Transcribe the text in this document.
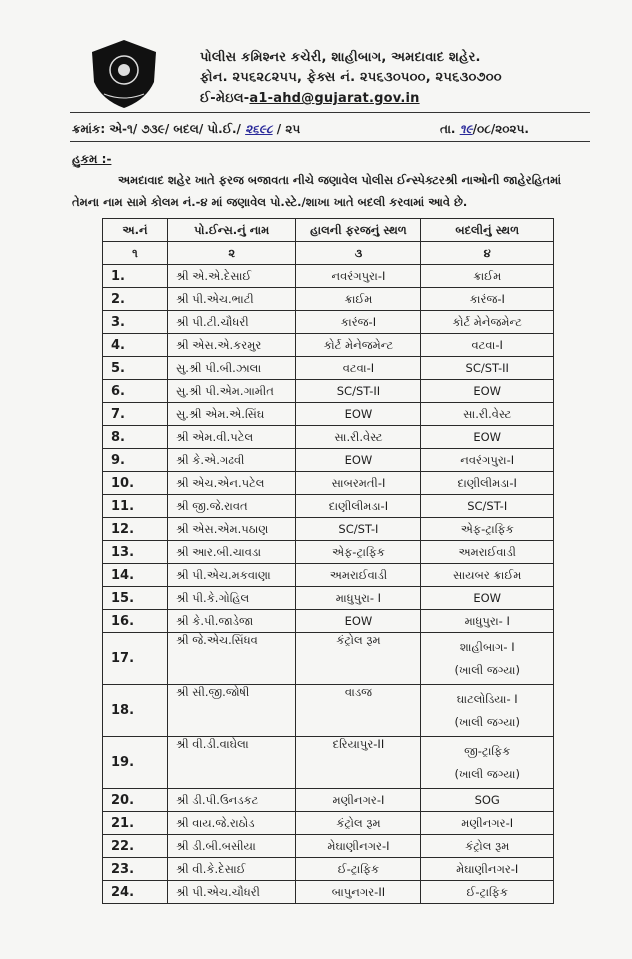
પોલીસ કમિશ્નર કચેરી, શાહીબાગ, અમદાવાદ શહેર.
ફોન. ૨૫૬૨૮૨૫૫, ફેક્સ નં. ૨૫૬૩૦૫૦૦, ૨૫૬૩૦૭૦૦
ઈ-મેઇલ-a1-ahd@gujarat.gov.in
ક્રમાંક: એ-૧/ ૭૩૯/ બદલ/ પો.ઈ./ ૨૬૯૮ / ૨૫	તા. ૧૯/૦૮/૨૦૨૫.
હુકમ :-
અમદાવાદ શહેર ખાતે ફરજ બજાવતા નીચે જણાવેલ પોલીસ ઈન્સ્પેક્ટરશ્રી નાઓની જાહેરહિતમાં
તેમના નામ સામે કોલમ નં.-૪ માં જણાવેલ પો.સ્ટે./શાખા ખાતે બદલી કરવામાં આવે છે.
અ.નં	પો.ઈન્સ.નું નામ	હાલની ફરજનું સ્થળ	બદલીનું સ્થળ
૧	૨	૩	૪
1.	શ્રી એ.એ.દેસાઈ	નવરંગપુરા-I	ક્રાઈમ

2.	શ્રી પી.એચ.ભાટી	ક્રાઈમ	કારંજ-I

3.	શ્રી પી.ટી.ચૌધરી	કારંજ-I	કોર્ટ મેનેજમેન્ટ

4.	શ્રી એસ.એ.કરમુર	કોર્ટ મેનેજમેન્ટ	વટવા-I

5.	સુ.શ્રી પી.બી.ઝાલા	વટવા-I	SC/ST-II

6.	સુ.શ્રી પી.એમ.ગામીત	SC/ST-II	EOW

7.	સુ.શ્રી એમ.એ.સિંઘ	EOW	સા.રી.વેસ્ટ

8.	શ્રી એમ.વી.પટેલ	સા.રી.વેસ્ટ	EOW

9.	શ્રી કે.એ.ગઢવી	EOW	નવરંગપુરા-I

10.	શ્રી એચ.એન.પટેલ	સાબરમતી-I	દાણીલીમડા-I

11.	શ્રી જી.જે.રાવત	દાણીલીમડા-I	SC/ST-I

12.	શ્રી એસ.એમ.પઠાણ	SC/ST-I	એફ-ટ્રાફિક

13.	શ્રી આર.બી.ચાવડા	એફ-ટ્રાફિક	અમરાઈવાડી

14.	શ્રી પી.એચ.મકવાણા	અમરાઈવાડી	સાયબર ક્રાઈમ

15.	શ્રી પી.કે.ગોહિલ	માધુપુરા- I	EOW

16.	શ્રી કે.પી.જાડેજા	EOW	માધુપુરા- I

17.	શ્રી જે.એચ.સિંધવ	કંટ્રોલ રૂમ	શાહીબાગ- I
(ખાલી જગ્યા)

18.	શ્રી સી.જી.જોષી	વાડજ	ઘાટલોડિયા- I
(ખાલી જગ્યા)

19.	શ્રી વી.ડી.વાઘેલા	દરિયાપુર-II	જી-ટ્રાફિક
(ખાલી જગ્યા)

20.	શ્રી ડી.પી.ઉનડકટ	મણીનગર-I	SOG

21.	શ્રી વાય.જે.રાઠોડ	કંટ્રોલ રૂમ	મણીનગર-I

22.	શ્રી ડી.બી.બસીયા	મેઘાણીનગર-I	કંટ્રોલ રૂમ

23.	શ્રી વી.કે.દેસાઈ	ઈ-ટ્રાફિક	મેઘાણીનગર-I

24.	શ્રી પી.એચ.ચૌધરી	બાપુનગર-II	ઈ-ટ્રાફિક
